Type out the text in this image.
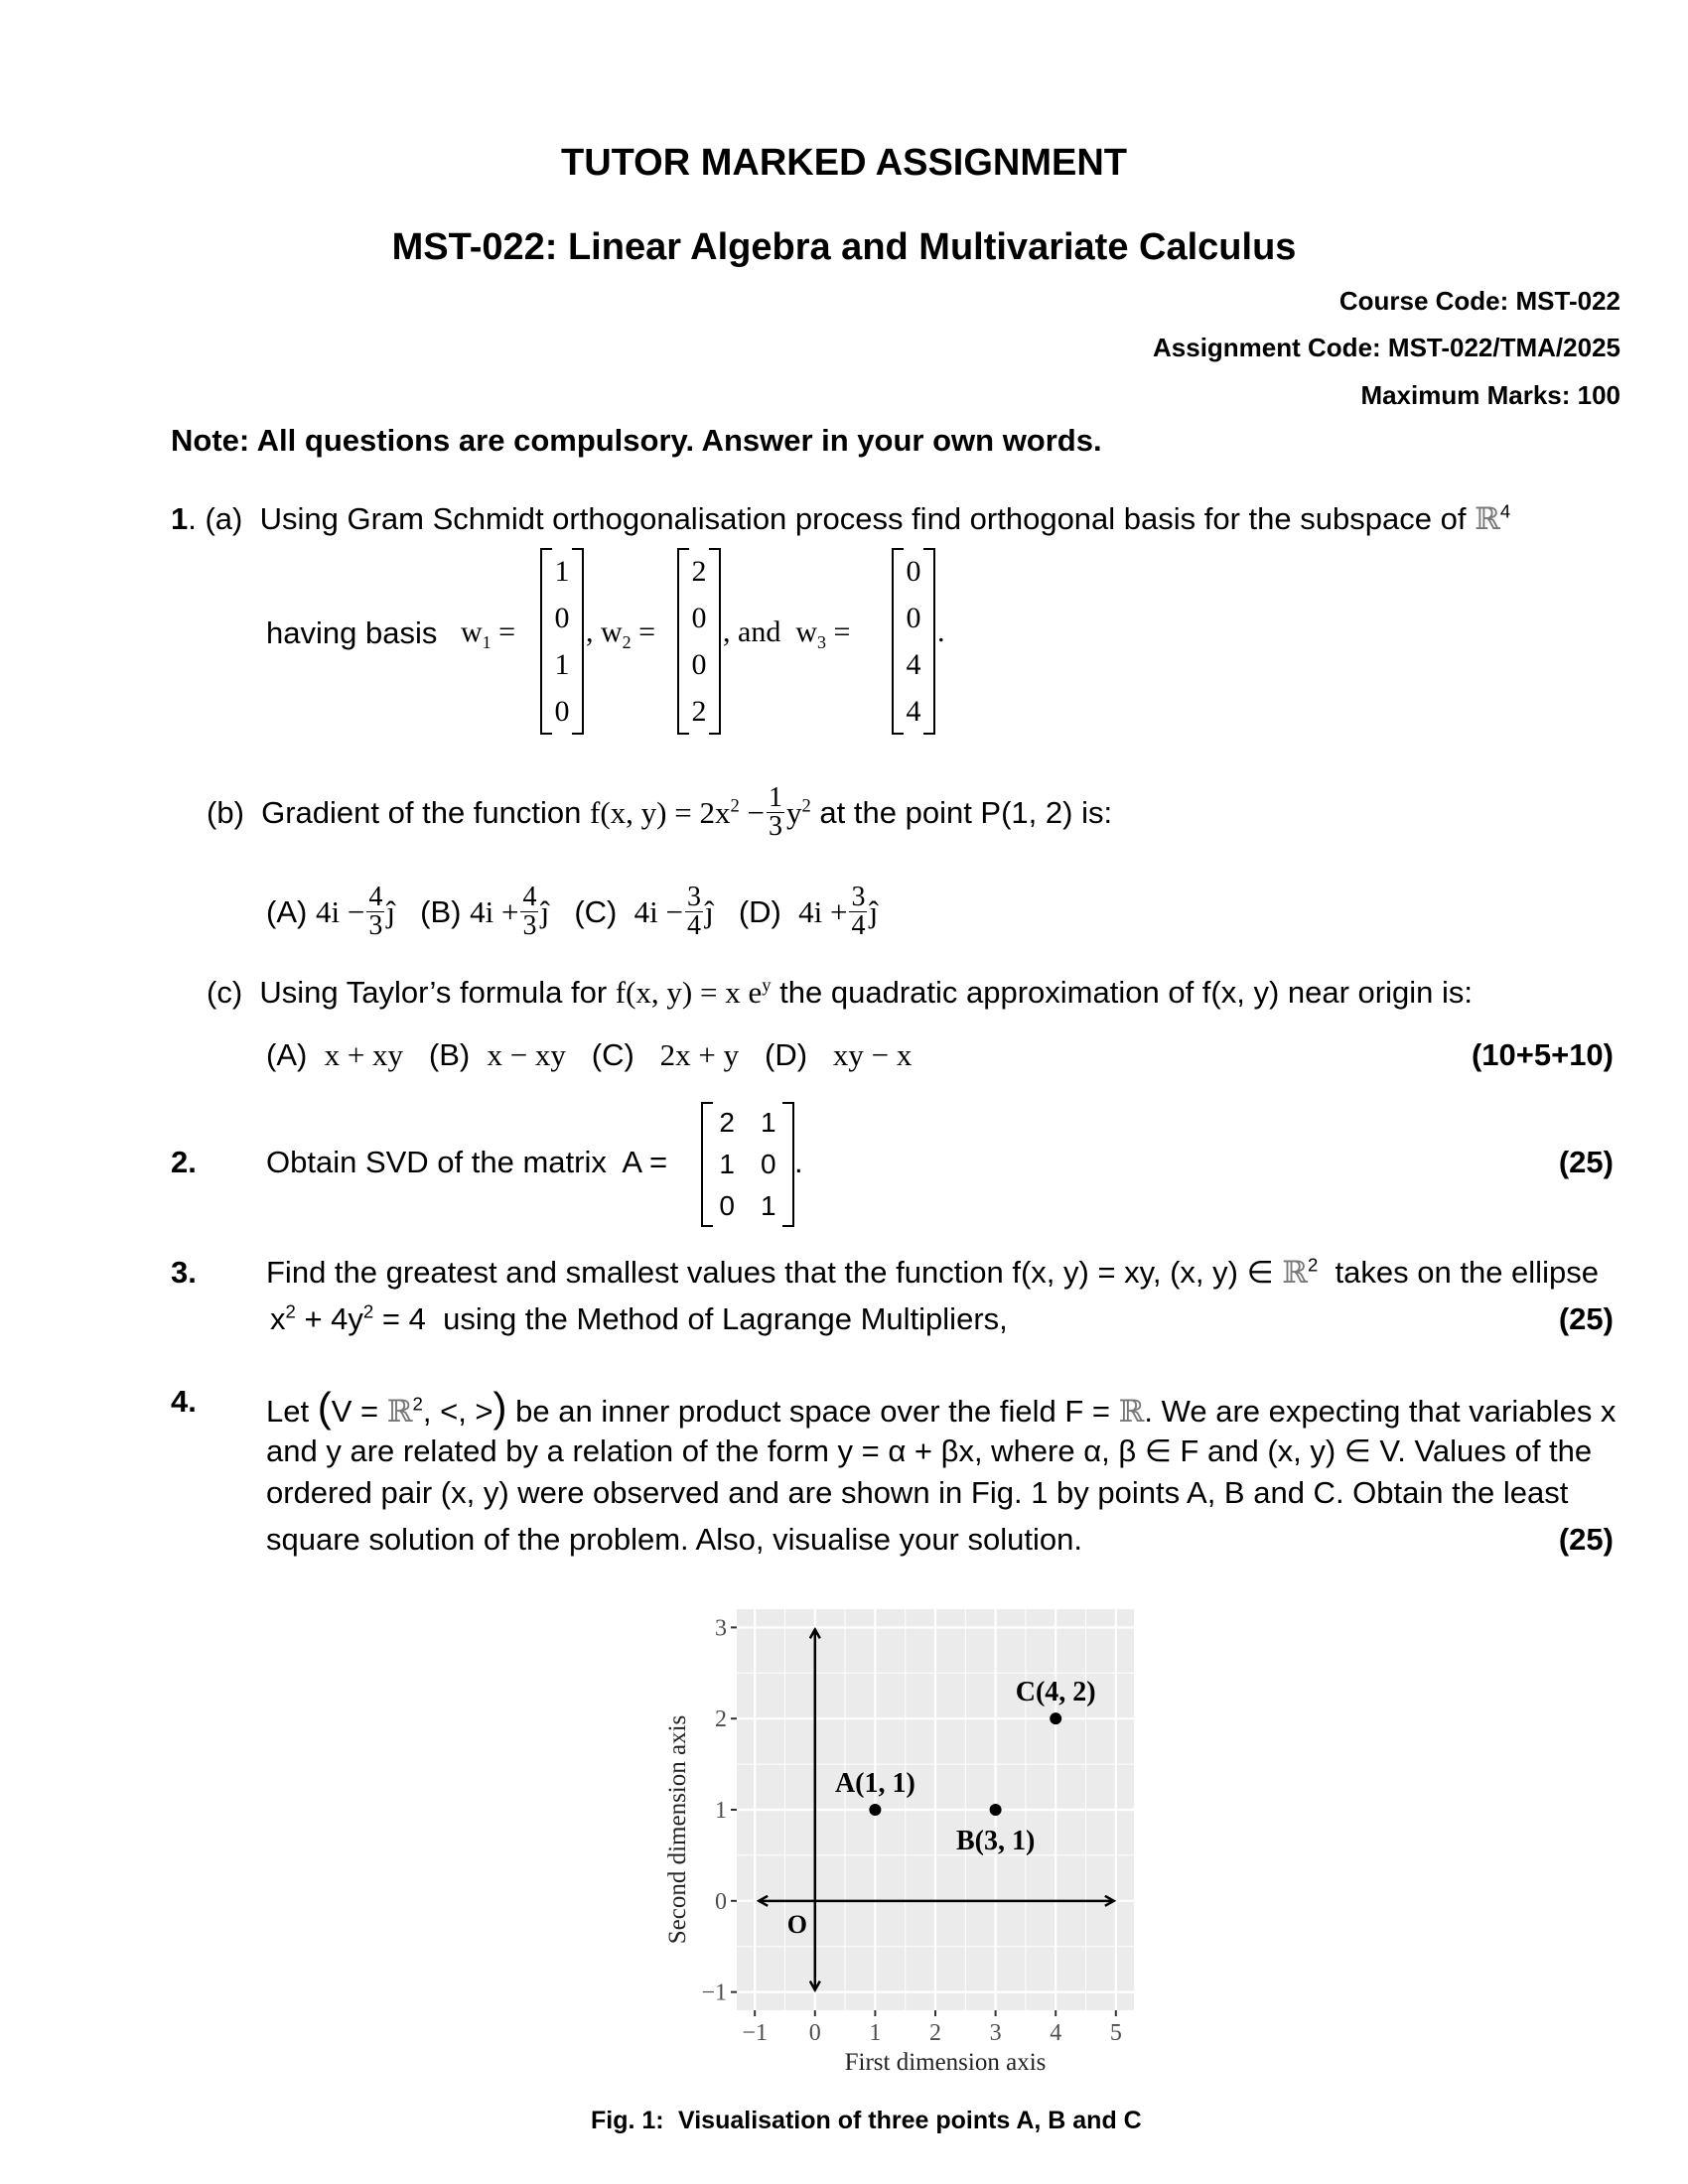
TUTOR MARKED ASSIGNMENT
MST-022: Linear Algebra and Multivariate Calculus
Course Code: MST-022
Assignment Code: MST-022/TMA/2025
Maximum Marks: 100
Note: All questions are compulsory. Answer in your own words.
1. (a) Using Gram Schmidt orthogonalisation process find orthogonal basis for the subspace of ℝ$^4$
having basis $w_1$ =
1
0
1
0
, $w_2$ =
2
0
0
2
, and $w_3$ =
0
0
4
4
.
(b)
Gradient of the function
f(x, $y) = 2x^2 - \frac{1}{3} y^2$
at the point P(1, 2) is:
(A)
$4i - \frac{4}{3}$ ĵ
(B)
$4i + \frac{4}{3}$ ĵ
(C)
$4i - \frac{3}{4}$ ĵ
(D)
$4i + \frac{3}{4}$ ĵ
(c) Using Taylor’s formula for f(x, y) = x $e^y$ the quadratic approximation of f(x, y) near origin is:
(A) x + xy (B) x − xy (C) 2x + y (D) xy − x	(10+5+10)
2. Obtain SVD of the matrix A =
2 1
1 0
0 1
.	(25)
3. Find the greatest and smallest values that the function f(x, y) = xy, (x, y) ∈ ℝ$^2$ takes on the ellipse
$x^2 + 4y^2 = 4$ using the Method of Lagrange Multipliers,	(25)
4. Let (V = ℝ$^2$, <, >) be an inner product space over the field F = ℝ. We are expecting that variables x
and y are related by a relation of the form y = α + βx, where α, β ∈ F and (x, y) ∈ V. Values of the
ordered pair (x, y) were observed and are shown in Fig. 1 by points A, B and C. Obtain the least
square solution of the problem. Also, visualise your solution.	(25)
−1 0 1 2 3 4 5
−1
0
1
2
3
A(1, 1)
B(3, 1)
C(4, 2)
First dimension axis
Second dimension axis	O
Fig. 1: Visualisation of three points A, B and C
